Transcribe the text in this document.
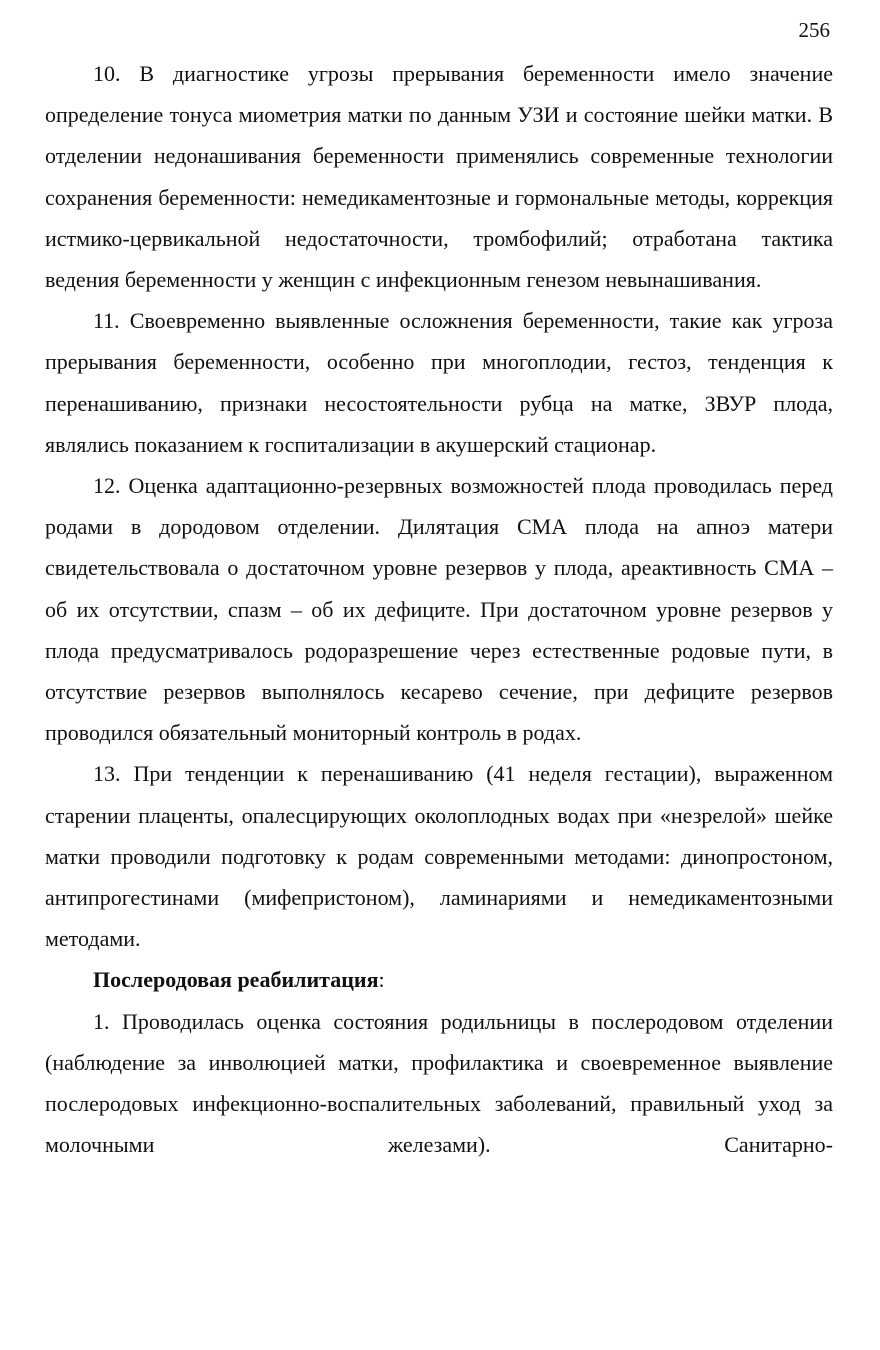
256

10. В диагностике угрозы прерывания беременности имело значение определение тонуса миометрия матки по данным УЗИ и состояние шейки матки. В отделении недонашивания беременности применялись современные технологии сохранения беременности: немедикаментозные и гормональные методы, коррекция истмико-цервикальной недостаточности, тромбофилий; отработана тактика ведения беременности у женщин с инфекционным генезом невынашивания.

11. Своевременно выявленные осложнения беременности, такие как угроза прерывания беременности, особенно при многоплодии, гестоз, тенденция к перенашиванию, признаки несостоятельности рубца на матке, ЗВУР плода, являлись показанием к госпитализации в акушерский стационар.

12. Оценка адаптационно-резервных возможностей плода проводилась перед родами в дородовом отделении. Дилятация СМА плода на апноэ матери свидетельствовала о достаточном уровне резервов у плода, ареактивность СМА – об их отсутствии, спазм – об их дефиците. При достаточном уровне резервов у плода предусматривалось родоразрешение через естественные родовые пути, в отсутствие резервов выполнялось кесарево сечение, при дефиците резервов проводился обязательный мониторный контроль в родах.

13. При тенденции к перенашиванию (41 неделя гестации), выраженном старении плаценты, опалесцирующих околоплодных водах при «незрелой» шейке матки проводили подготовку к родам современными методами: динопростоном, антипрогестинами (мифепристоном), ламинариями и немедикаментозными методами.

Послеродовая реабилитация:

1. Проводилась оценка состояния родильницы в послеродовом отделении (наблюдение за инволюцией матки, профилактика и своевременное выявление послеродовых инфекционно-воспалительных заболеваний, правильный уход за молочными железами). Санитарно-
